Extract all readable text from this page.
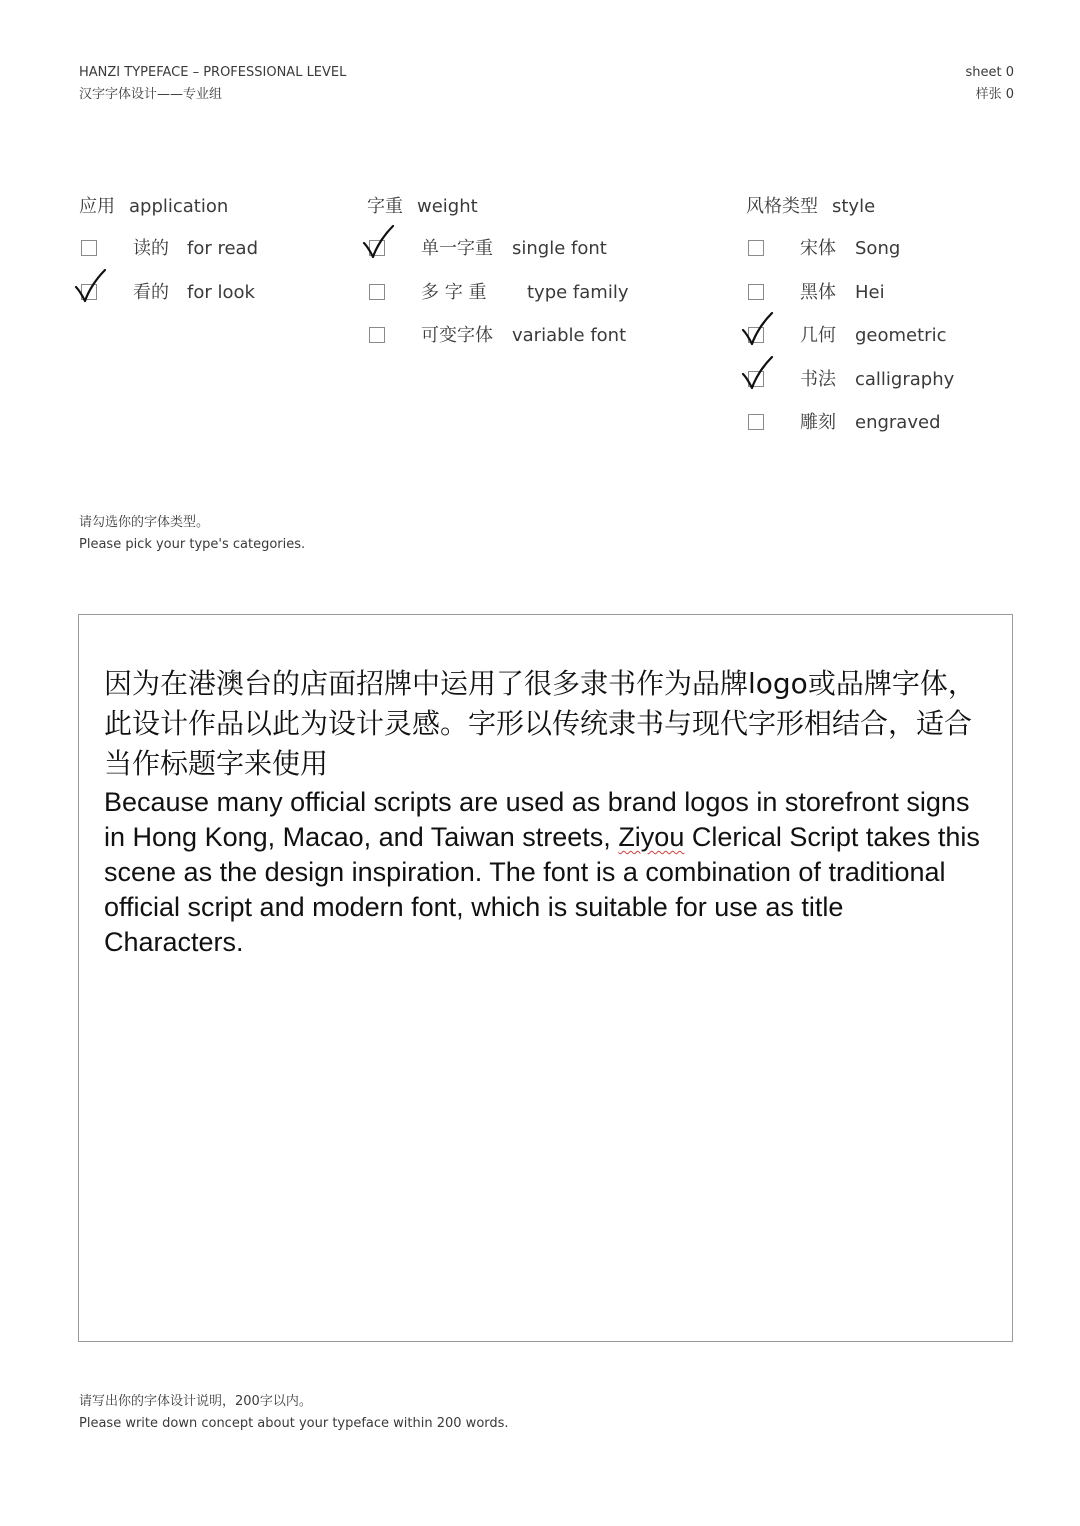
HANZI TYPEFACE – PROFESSIONAL LEVEL
汉字字体设计——专业组
sheet 0
样张 0
应用 application	字重 weight	风格类型 style
读的 for read
看的 for look
单一字重 single font
多 字 重 type family
可变字体 variable font
宋体 Song
黑体 Hei
几何 geometric
书法 calligraphy
雕刻 engraved
请勾选你的字体类型。
Please pick your type's categories.
因为在港澳台的店面招牌中运用了很多隶书作为品牌logo或品牌字体，此设计作品以此为设计灵感。字形以传统隶书与现代字形相结合，适合当作标题字来使用
Because many official scripts are used as brand logos in storefront signs in Hong Kong, Macao, and Taiwan streets, Ziyou Clerical Script takes this scene as the design inspiration. The font is a combination of traditional official script and modern font, which is suitable for use as title Characters.
请写出你的字体设计说明，200字以内。
Please write down concept about your typeface within 200 words.
